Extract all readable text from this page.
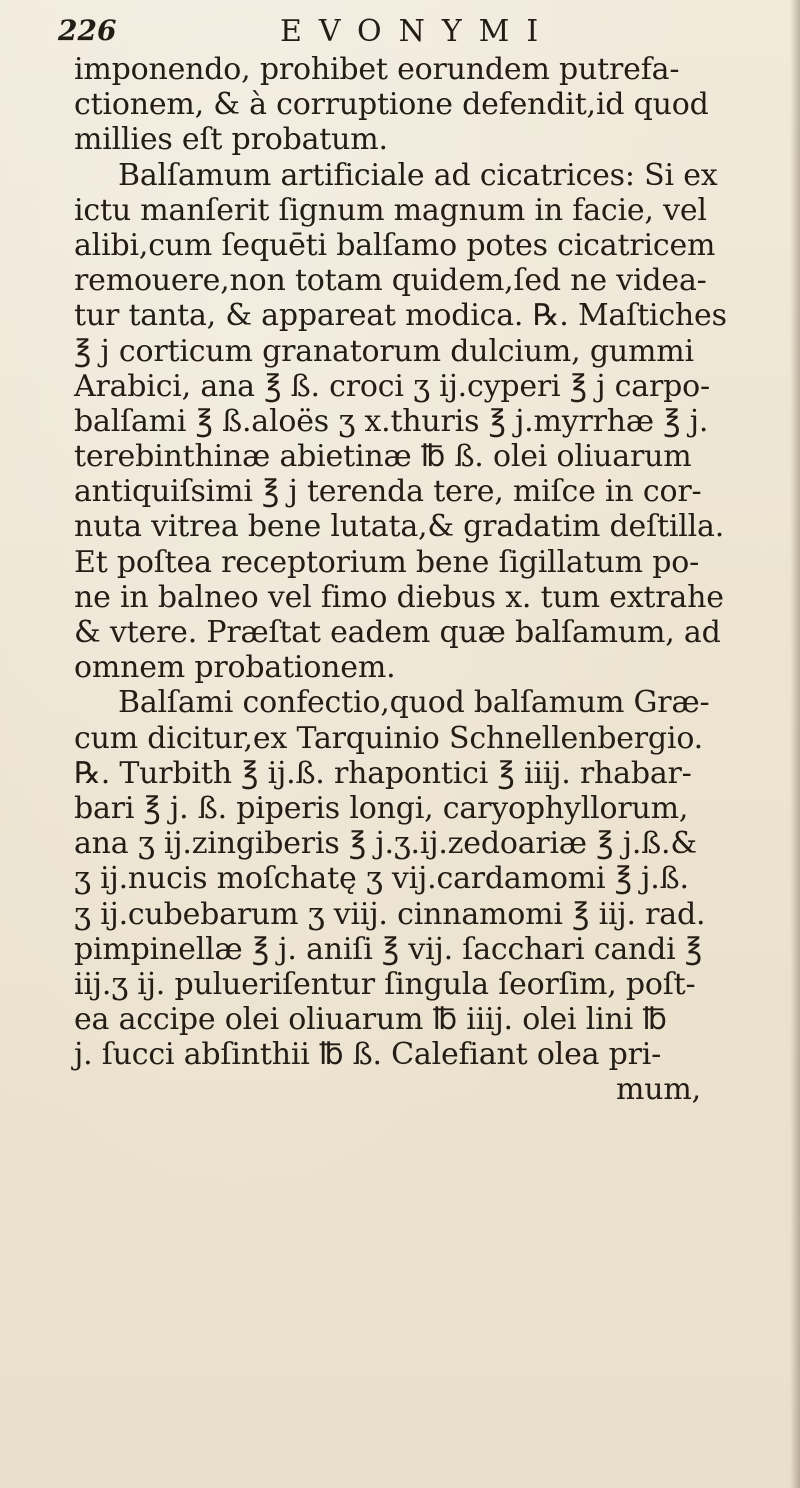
226	EVONYMI
imponendo, prohibet eorundem putrefa-
ctionem, & à corruptione defendit,id quod
millies eſt probatum.
Balſamum artificiale ad cicatrices: Si ex
ictu manſerit ſignum magnum in facie, vel
alibi,cum ſequēti balſamo potes cicatricem
remouere,non totam quidem,ſed ne videa-
tur tanta, & appareat modica. ℞. Maſtiches
℥ j corticum granatorum dulcium, gummi
Arabici, ana ℥ ß. croci ʒ ij.cyperi ℥ j carpo-
balſami ℥ ß.aloës ʒ x.thuris ℥ j.myrrhæ ℥ j.
terebinthinæ abietinæ ℔ ß. olei oliuarum
antiquiſsimi ℥ j terenda tere, miſce in cor-
nuta vitrea bene lutata,& gradatim deſtilla.
Et poſtea receptorium bene ſigillatum po-
ne in balneo vel fimo diebus x. tum extrahe
& vtere. Præſtat eadem quæ balſamum, ad
omnem probationem.
Balſami confectio,quod balſamum Græ-
cum dicitur,ex Tarquinio Schnellenbergio.
℞. Turbith ℥ ij.ß. rhapontici ℥ iiij. rhabar-
bari ℥ j. ß. piperis longi, caryophyllorum,
ana ʒ ij.zingiberis ℥ j.ʒ.ij.zedoariæ ℥ j.ß.&
ʒ ij.nucis moſchatę ʒ vij.cardamomi ℥ j.ß.
ʒ ij.cubebarum ʒ viij. cinnamomi ℥ iij. rad.
pimpinellæ ℥ j. aniſi ℥ vij. ſacchari candi ℥
iij.ʒ ij. pulueriſentur ſingula ſeorſim, poſt-
ea accipe olei oliuarum ℔ iiij. olei lini ℔
j. ſucci abſinthii ℔ ß. Calefiant olea pri-
mum,
